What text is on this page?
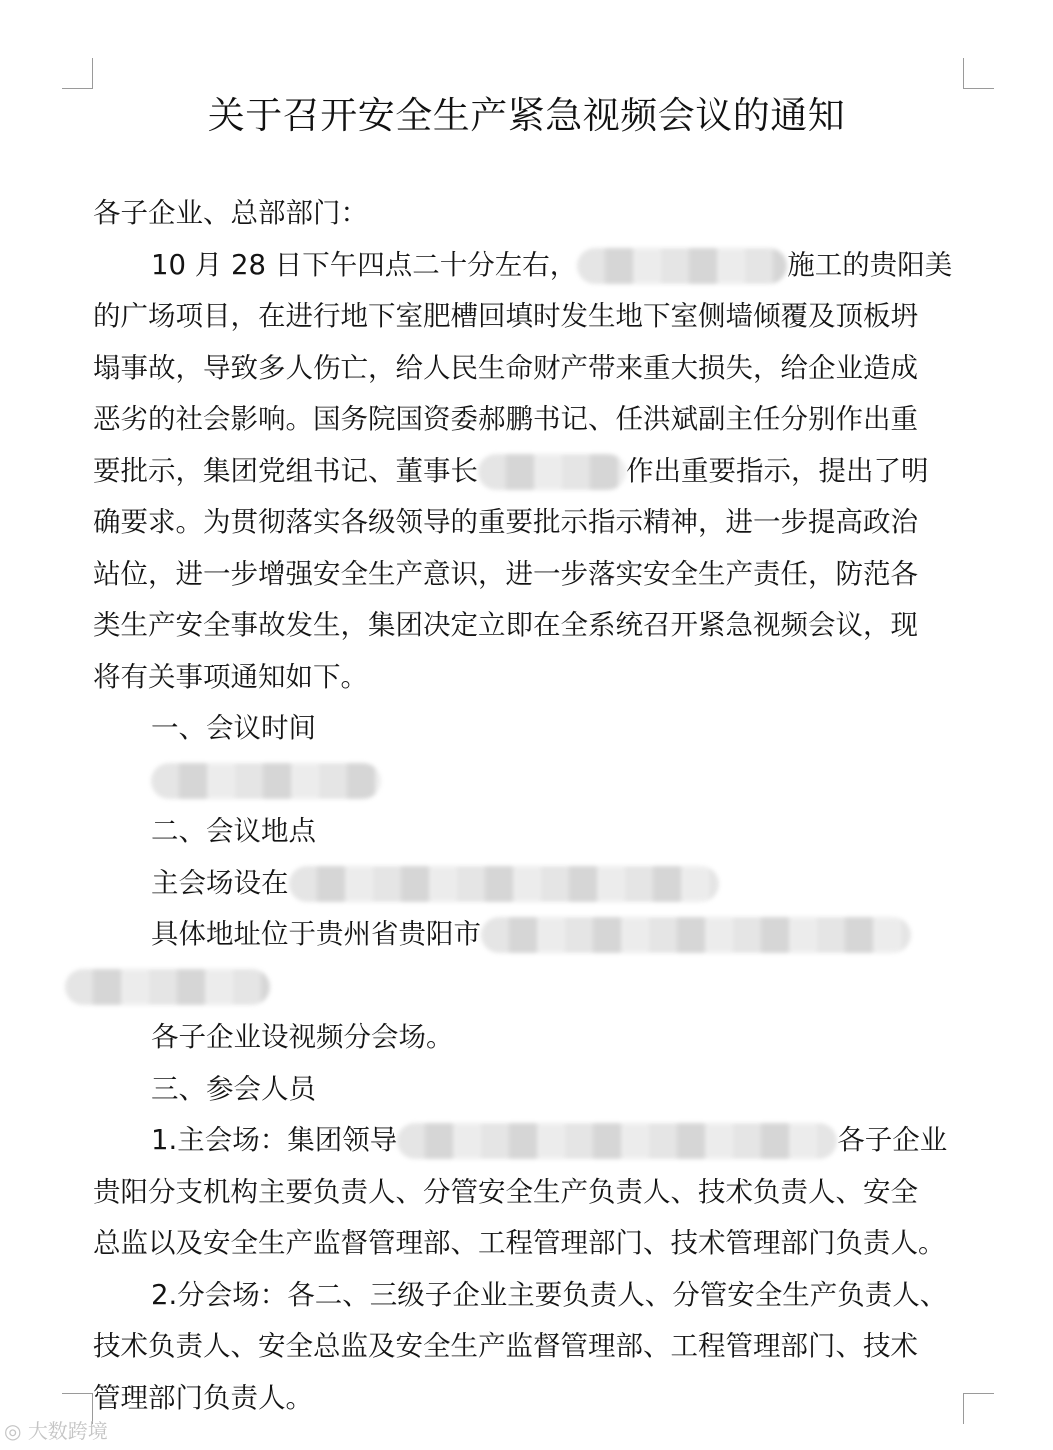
关于召开安全生产紧急视频会议的通知
各子企业、总部部门：
10 月 28 日下午四点二十分左右，	施工的贵阳美
的广场项目，在进行地下室肥槽回填时发生地下室侧墙倾覆及顶板坍
塌事故，导致多人伤亡，给人民生命财产带来重大损失，给企业造成
恶劣的社会影响。国务院国资委郝鹏书记、任洪斌副主任分别作出重
要批示，集团党组书记、董事长	作出重要指示，提出了明
确要求。为贯彻落实各级领导的重要批示指示精神，进一步提高政治
站位，进一步增强安全生产意识，进一步落实安全生产责任，防范各
类生产安全事故发生，集团决定立即在全系统召开紧急视频会议，现
将有关事项通知如下。
一、会议时间
二、会议地点
主会场设在
具体地址位于贵州省贵阳市
各子企业设视频分会场。
三、参会人员
1.主会场：集团领导	各子企业
贵阳分支机构主要负责人、分管安全生产负责人、技术负责人、安全
总监以及安全生产监督管理部、工程管理部门、技术管理部门负责人。
2.分会场：各二、三级子企业主要负责人、分管安全生产负责人、
技术负责人、安全总监及安全生产监督管理部、工程管理部门、技术
管理部门负责人。
◎ 大数跨境
